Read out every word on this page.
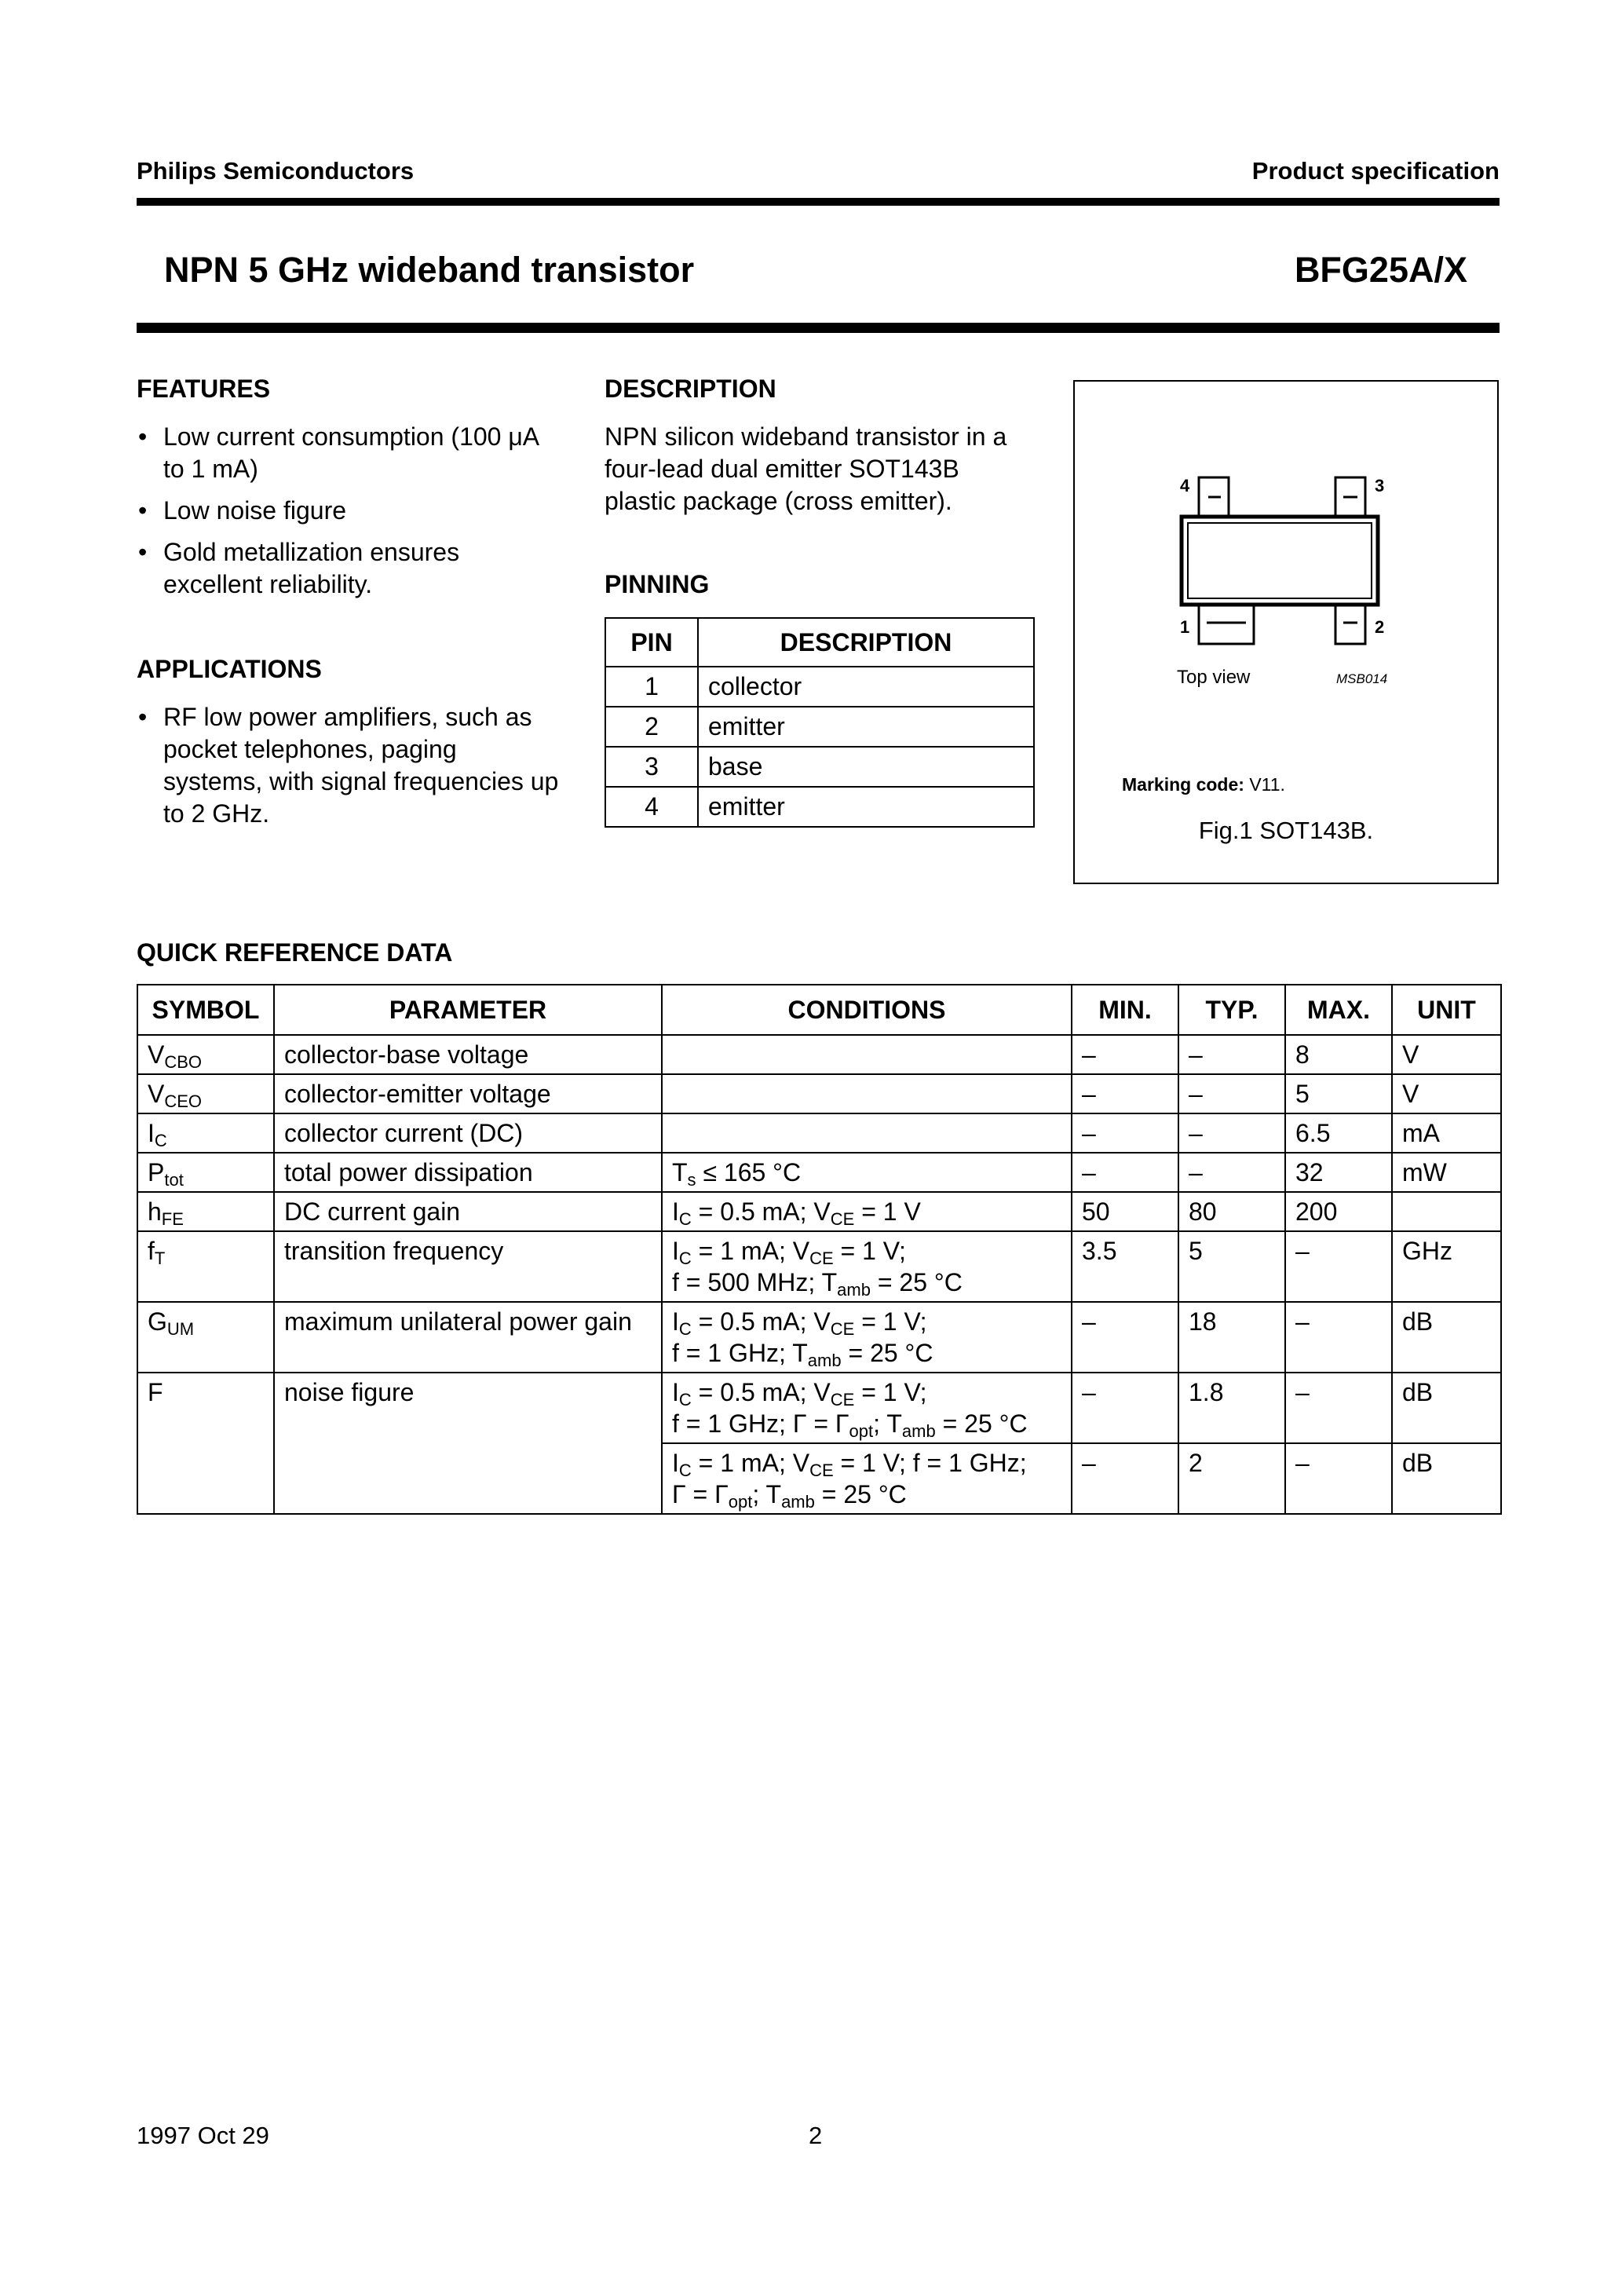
Philips Semiconductors	Product specification
NPN 5 GHz wideband transistor	BFG25A/X
FEATURES
• Low current consumption (100 μA to 1 mA)
• Low noise figure
• Gold metallization ensures excellent reliability.
APPLICATIONS
• RF low power amplifiers, such as pocket telephones, paging systems, with signal frequencies up to 2 GHz.
DESCRIPTION
NPN silicon wideband transistor in a four-lead dual emitter SOT143B plastic package (cross emitter).
PINNING
PIN	DESCRIPTION
1	collector
2	emitter
3	base
4	emitter
4	3
1	2
Top view	MSB014
Marking code: V11.
Fig.1 SOT143B.
QUICK REFERENCE DATA
SYMBOL	PARAMETER	CONDITIONS	MIN.	TYP.	MAX.	UNIT
$V_{CBO}$	collector-base voltage		–	–	8	V
$V_{CEO}$	collector-emitter voltage		–	–	5	V
$I_C$	collector current (DC)		–	–	6.5	mA
$P_{tot}$	total power dissipation	$T_s \le 165$ °C	–	–	32	mW
$h_{FE}$	DC current gain	$I_C = 0.5$ mA; $V_{CE} = 1$ V	50	80	200	
$f_T$	transition frequency	$I_C = 1$ mA; $V_{CE} = 1$ V;
f = 500 MHz; $T_{amb} = 25$ °C	3.5	5	–	GHz
$G_{UM}$	maximum unilateral power gain	$I_C = 0.5$ mA; $V_{CE} = 1$ V;
f = 1 GHz; $T_{amb} = 25$ °C	–	18	–	dB
F	noise figure	$I_C = 0.5$ mA; $V_{CE} = 1$ V;
f = 1 GHz; $\Gamma = \Gamma_{opt}$; $T_{amb} = 25$ °C	–	1.8	–	dB
		$I_C = 1$ mA; $V_{CE} = 1$ V; f = 1 GHz;
$\Gamma = \Gamma_{opt}$; $T_{amb} = 25$ °C	–	2	–	dB
1997 Oct 29	2
